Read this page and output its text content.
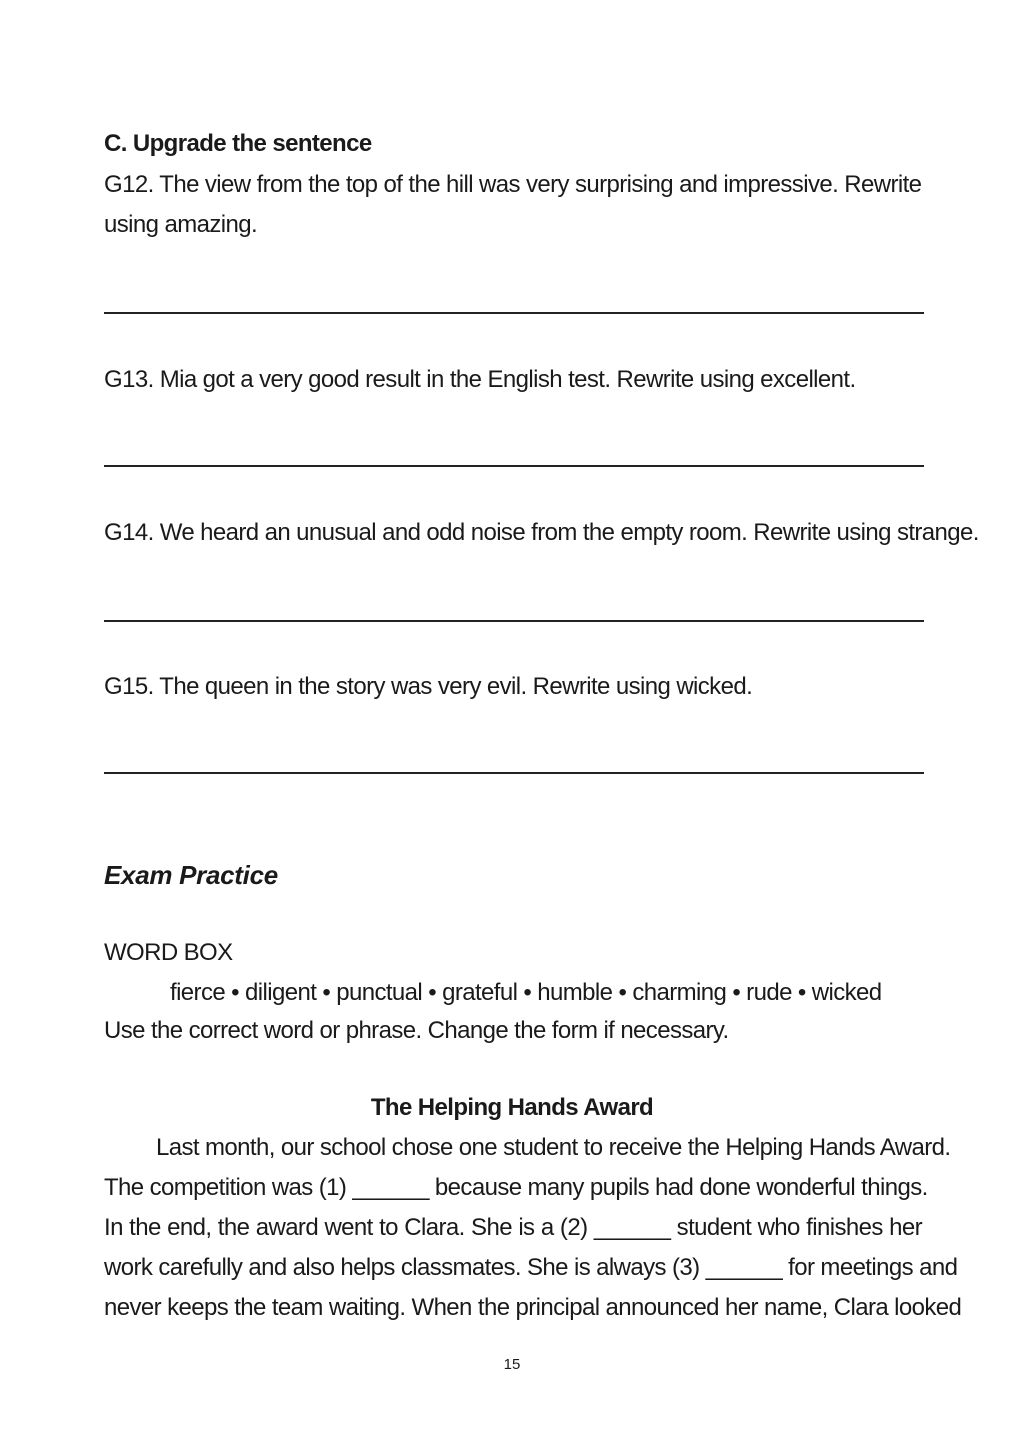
C. Upgrade the sentence

G12. The view from the top of the hill was very surprising and impressive. Rewrite

using amazing.

G13. Mia got a very good result in the English test. Rewrite using excellent.

G14. We heard an unusual and odd noise from the empty room. Rewrite using strange.

G15. The queen in the story was very evil. Rewrite using wicked.

Exam Practice

WORD BOX

fierce • diligent • punctual • grateful • humble • charming • rude • wicked

Use the correct word or phrase. Change the form if necessary.

The Helping Hands Award

Last month, our school chose one student to receive the Helping Hands Award.
The competition was (1) ______ because many pupils had done wonderful things.
In the end, the award went to Clara. She is a (2) ______ student who finishes her
work carefully and also helps classmates. She is always (3) ______ for meetings and
never keeps the team waiting. When the principal announced her name, Clara looked

15
